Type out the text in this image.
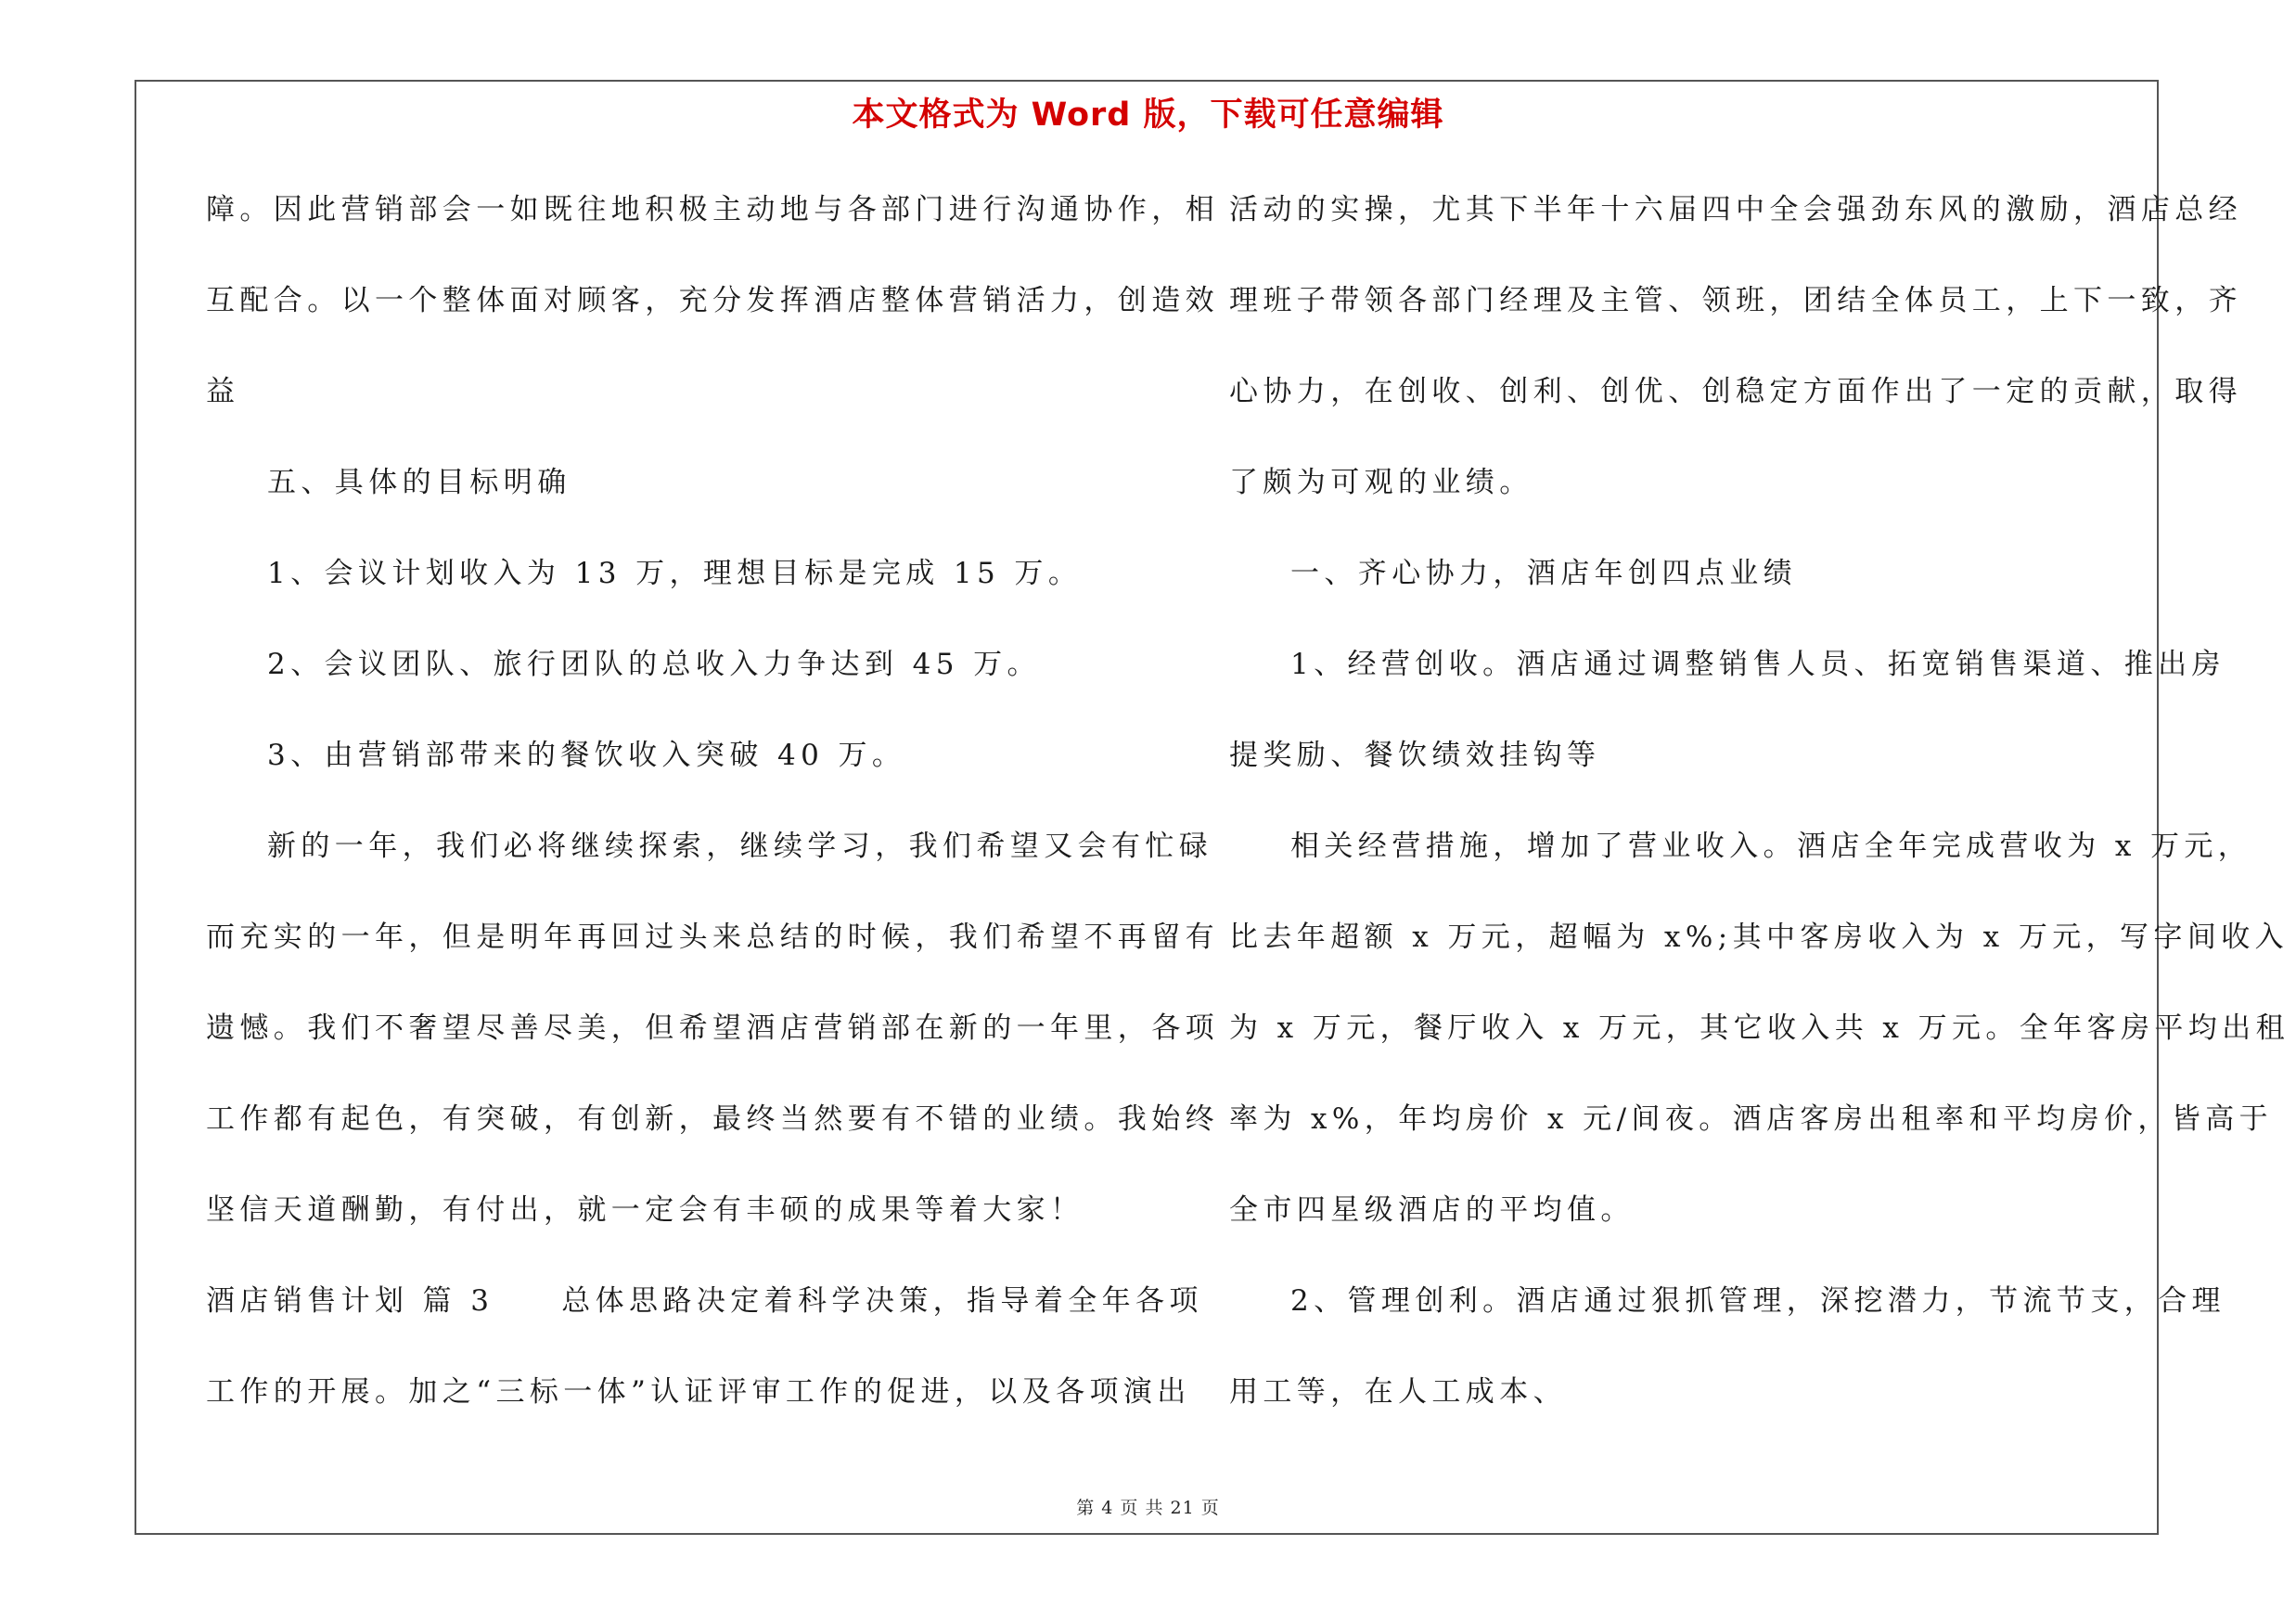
本文格式为 Word 版，下载可任意编辑
障。因此营销部会一如既往地积极主动地与各部门进行沟通协作，相
互配合。以一个整体面对顾客，充分发挥酒店整体营销活力，创造效
益
五、具体的目标明确
1、会议计划收入为 13 万，理想目标是完成 15 万。
2、会议团队、旅行团队的总收入力争达到 45 万。
3、由营销部带来的餐饮收入突破 40 万。
新的一年，我们必将继续探索，继续学习，我们希望又会有忙碌
而充实的一年，但是明年再回过头来总结的时候，我们希望不再留有
遗憾。我们不奢望尽善尽美，但希望酒店营销部在新的一年里，各项
工作都有起色，有突破，有创新，最终当然要有不错的业绩。我始终
坚信天道酬勤，有付出，就一定会有丰硕的成果等着大家！
酒店销售计划 篇 3　　总体思路决定着科学决策，指导着全年各项
工作的开展。加之“三标一体”认证评审工作的促进，以及各项演出
活动的实操，尤其下半年十六届四中全会强劲东风的激励，酒店总经
理班子带领各部门经理及主管、领班，团结全体员工，上下一致，齐
心协力，在创收、创利、创优、创稳定方面作出了一定的贡献，取得
了颇为可观的业绩。
一、齐心协力，酒店年创四点业绩
1、经营创收。酒店通过调整销售人员、拓宽销售渠道、推出房
提奖励、餐饮绩效挂钩等
相关经营措施，增加了营业收入。酒店全年完成营收为 x 万元，
比去年超额 x 万元，超幅为 x%;其中客房收入为 x 万元，写字间收入
为 x 万元，餐厅收入 x 万元，其它收入共 x 万元。全年客房平均出租
率为 x%，年均房价 x 元/间夜。酒店客房出租率和平均房价，皆高于
全市四星级酒店的平均值。
2、管理创利。酒店通过狠抓管理，深挖潜力，节流节支，合理
用工等，在人工成本、
第 4 页 共 21 页
